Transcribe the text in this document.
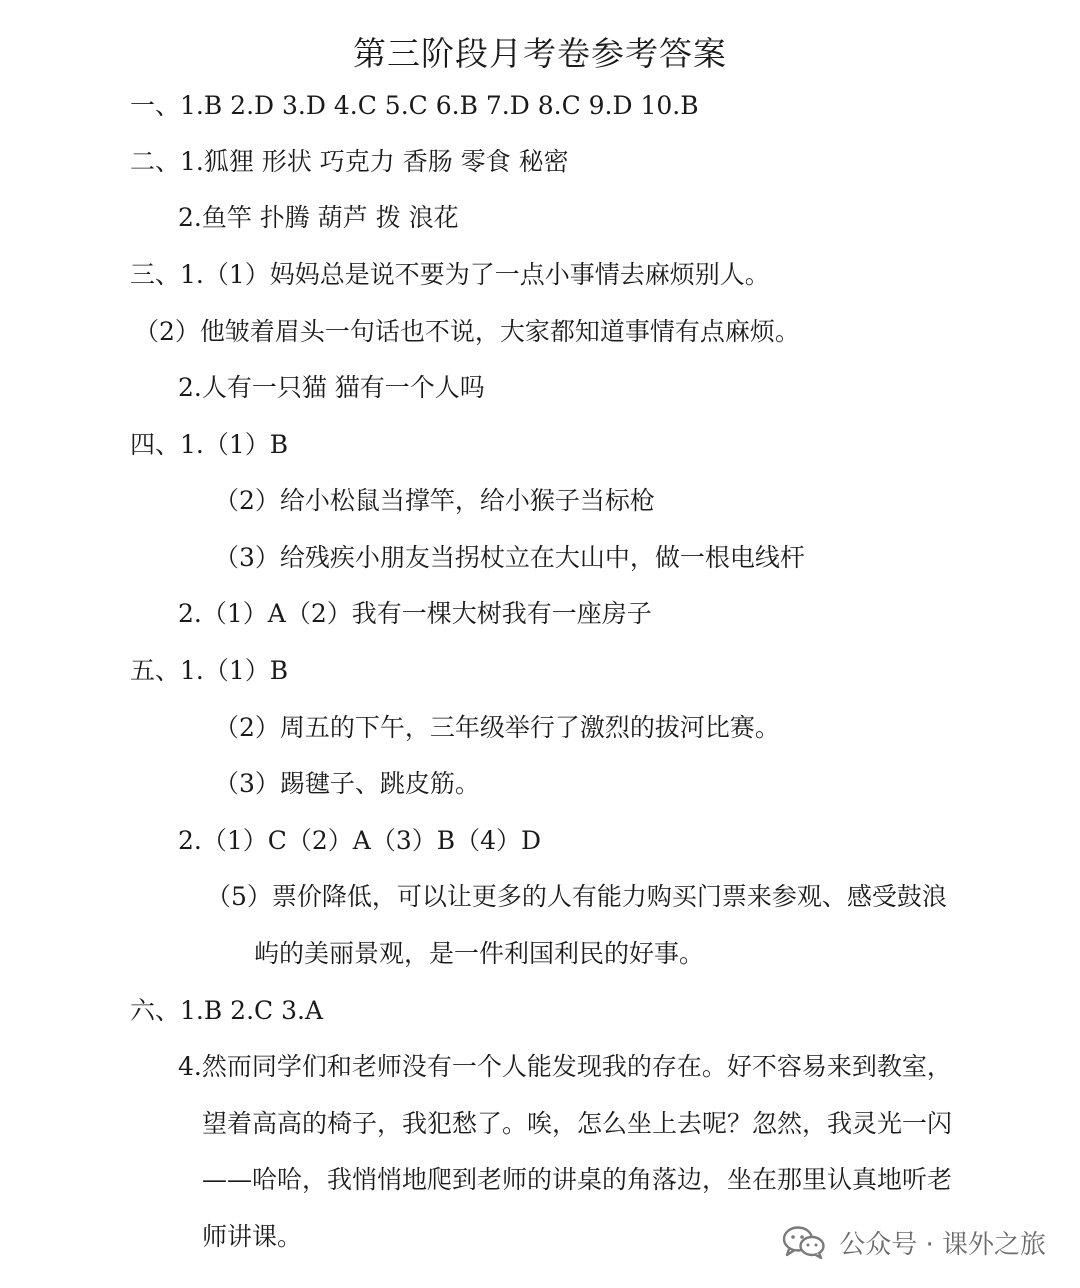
第三阶段月考卷参考答案
一、1.B 2.D 3.D 4.C 5.C 6.B 7.D 8.C 9.D 10.B
二、1.狐狸 形状 巧克力 香肠 零食 秘密
2.鱼竿 扑腾 葫芦 拨 浪花
三、1.（1）妈妈总是说不要为了一点小事情去麻烦别人。
（2）他皱着眉头一句话也不说，大家都知道事情有点麻烦。
2.人有一只猫 猫有一个人吗
四、1.（1）B
（2）给小松鼠当撑竿，给小猴子当标枪
（3）给残疾小朋友当拐杖立在大山中，做一根电线杆
2.（1）A（2）我有一棵大树我有一座房子
五、1.（1）B
（2）周五的下午，三年级举行了激烈的拔河比赛。
（3）踢毽子、跳皮筋。
2.（1）C（2）A（3）B（4）D
（5）票价降低，可以让更多的人有能力购买门票来参观、感受鼓浪
屿的美丽景观，是一件利国利民的好事。
六、1.B 2.C 3.A
4.然而同学们和老师没有一个人能发现我的存在。好不容易来到教室，
望着高高的椅子，我犯愁了。唉，怎么坐上去呢？忽然，我灵光一闪
——哈哈，我悄悄地爬到老师的讲桌的角落边，坐在那里认真地听老
师讲课。	公众号 · 课外之旅
